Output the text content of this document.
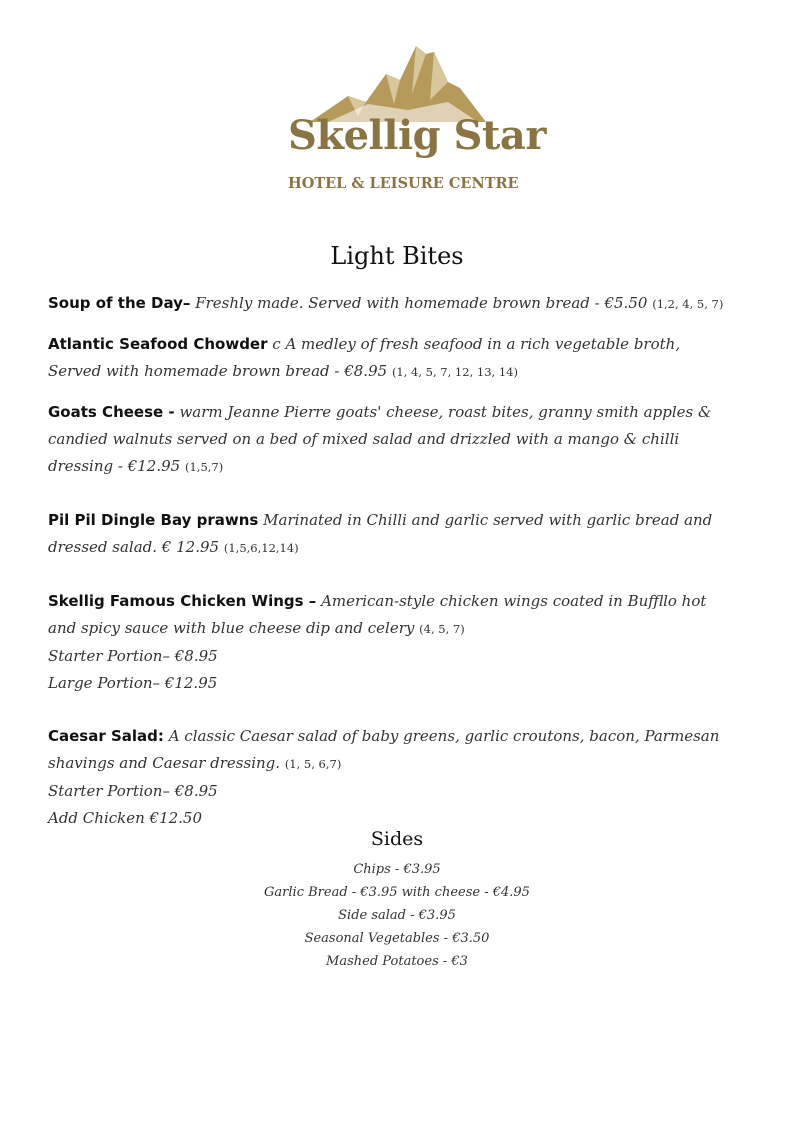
Skellig Star
HOTEL & LEISURE CENTRE
Light Bites

Soup of the Day– Freshly made. Served with homemade brown bread - €5.50 (1,2, 4, 5, 7)

Atlantic Seafood Chowder c A medley of fresh seafood in a rich vegetable broth, Served with homemade brown bread - €8.95 (1, 4, 5, 7, 12, 13, 14)

Goats Cheese - warm Jeanne Pierre goats' cheese, roast bites, granny smith apples & candied walnuts served on a bed of mixed salad and drizzled with a mango & chilli dressing - €12.95 (1,5,7)

Pil Pil Dingle Bay prawns Marinated in Chilli and garlic served with garlic bread and dressed salad. € 12.95 (1,5,6,12,14)

Skellig Famous Chicken Wings – American-style chicken wings coated in Buffllo hot and spicy sauce with blue cheese dip and celery (4, 5, 7)

Starter Portion– €8.95
Large Portion– €12.95

Caesar Salad: A classic Caesar salad of baby greens, garlic croutons, bacon, Parmesan shavings and Caesar dressing. (1, 5, 6,7)

Starter Portion– €8.95
Add Chicken €12.50
Sides
Chips - €3.95
Garlic Bread - €3.95 with cheese - €4.95
Side salad - €3.95
Seasonal Vegetables - €3.50
Mashed Potatoes - €3
